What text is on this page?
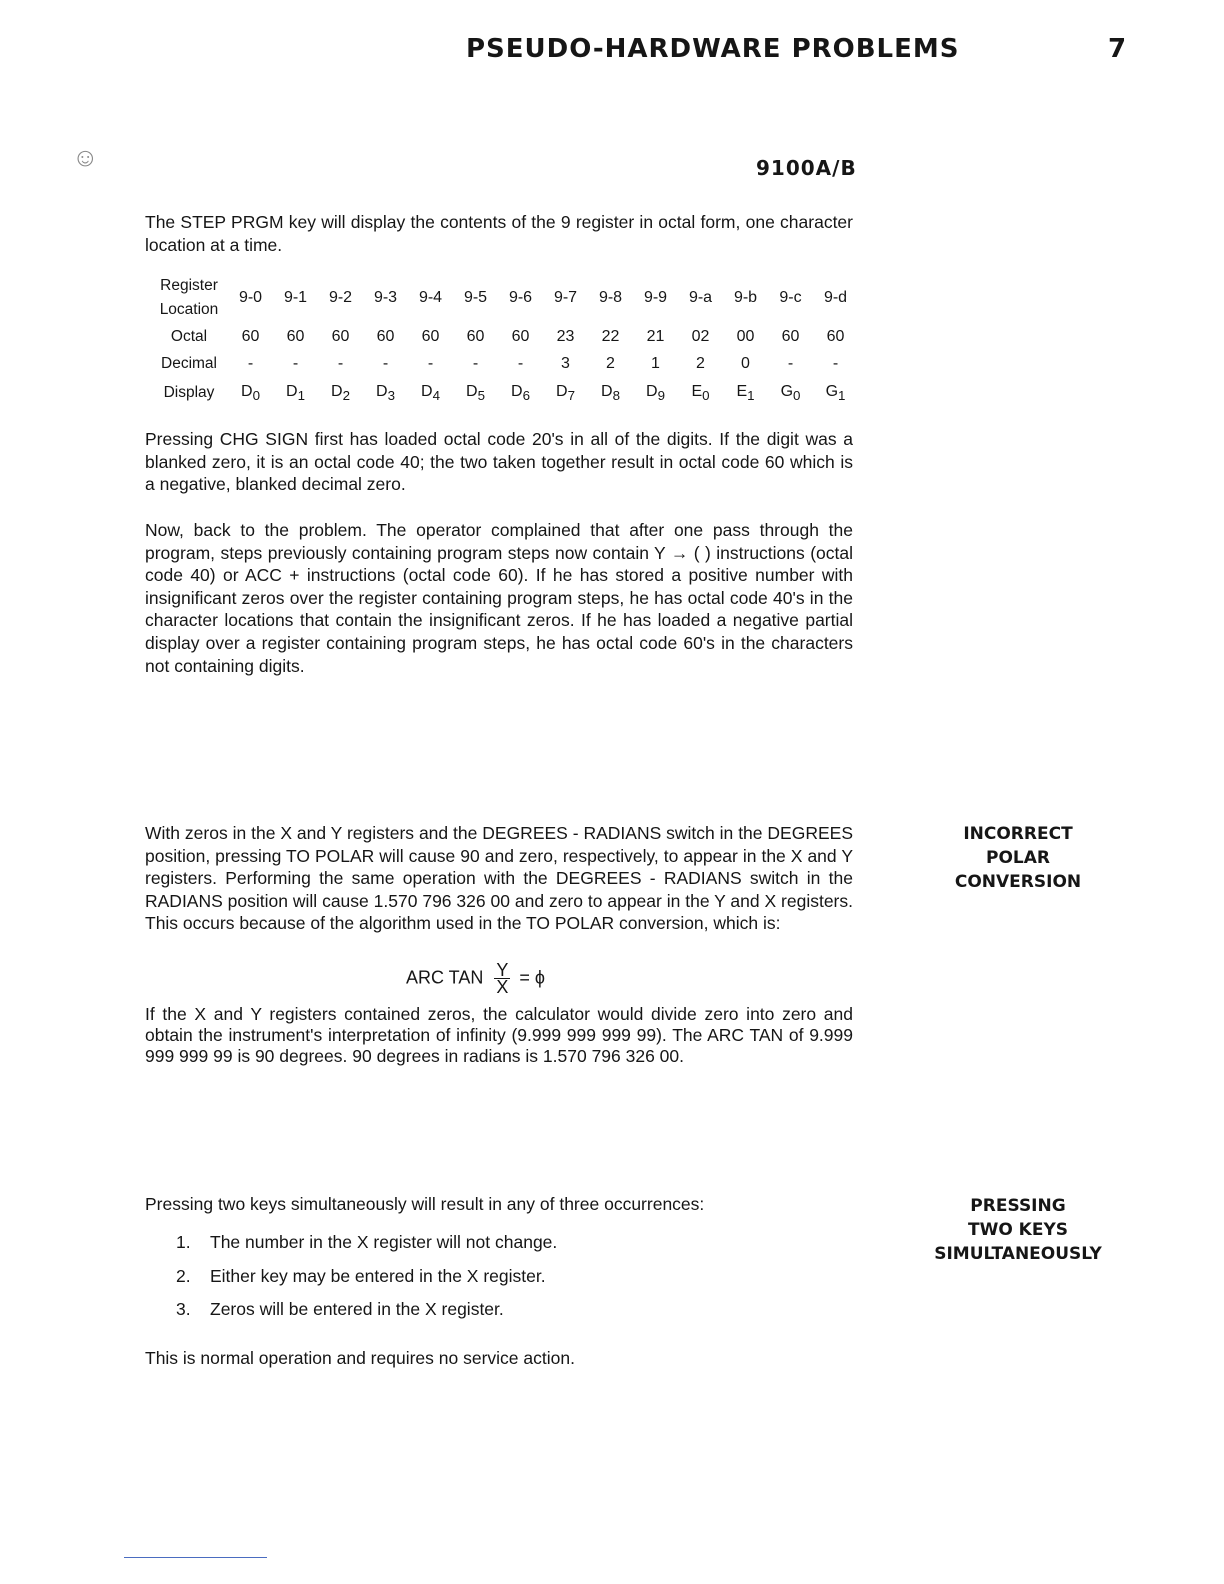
PSEUDO-HARDWARE PROBLEMS	7
☺	9100A/B

The STEP PRGM key will display the contents of the 9 register in octal form, one character location at a time.

Register
Location	9-0	9-1	9-2	9-3	9-4	9-5	9-6	9-7	9-8	9-9	9-a	9-b	9-c	9-d
Octal	60	60	60	60	60	60	60	23	22	21	02	00	60	60
Decimal	-	-	-	-	-	-	-	3	2	1	2	0	-	-
Display	$D_0$	$D_1$	$D_2$	$D_3$	$D_4$	$D_5$	$D_6$	$D_7$	$D_8$	$D_9$	$E_0$	$E_1$	$G_0$	$G_1$

Pressing CHG SIGN first has loaded octal code 20's in all of the digits. If the digit was a blanked zero, it is an octal code 40; the two taken together result in octal code 60 which is a negative, blanked decimal zero.

Now, back to the problem. The operator complained that after one pass through the program, steps previously containing program steps now contain Y → ( ) instructions (octal code 40) or ACC + instructions (octal code 60). If he has stored a positive number with insignificant zeros over the register containing program steps, he has octal code 40's in the character locations that contain the insignificant zeros. If he has loaded a negative partial display over a register containing program steps, he has octal code 60's in the characters not containing digits.

INCORRECT
POLAR
CONVERSION

With zeros in the X and Y registers and the DEGREES - RADIANS switch in the DEGREES position, pressing TO POLAR will cause 90 and zero, respectively, to appear in the X and Y registers. Performing the same operation with the DEGREES - RADIANS switch in the RADIANS position will cause 1.570 796 326 00 and zero to appear in the Y and X registers. This occurs because of the algorithm used in the TO POLAR conversion, which is:

ARC TAN $\frac{Y}{X} = \phi$

If the X and Y registers contained zeros, the calculator would divide zero into zero and obtain the instrument's interpretation of infinity (9.999 999 999 99). The ARC TAN of 9.999 999 999 99 is 90 degrees. 90 degrees in radians is 1.570 796 326 00.

PRESSING
TWO KEYS
SIMULTANEOUSLY

Pressing two keys simultaneously will result in any of three occurrences:

1. The number in the X register will not change.
2. Either key may be entered in the X register.
3. Zeros will be entered in the X register.

This is normal operation and requires no service action.
